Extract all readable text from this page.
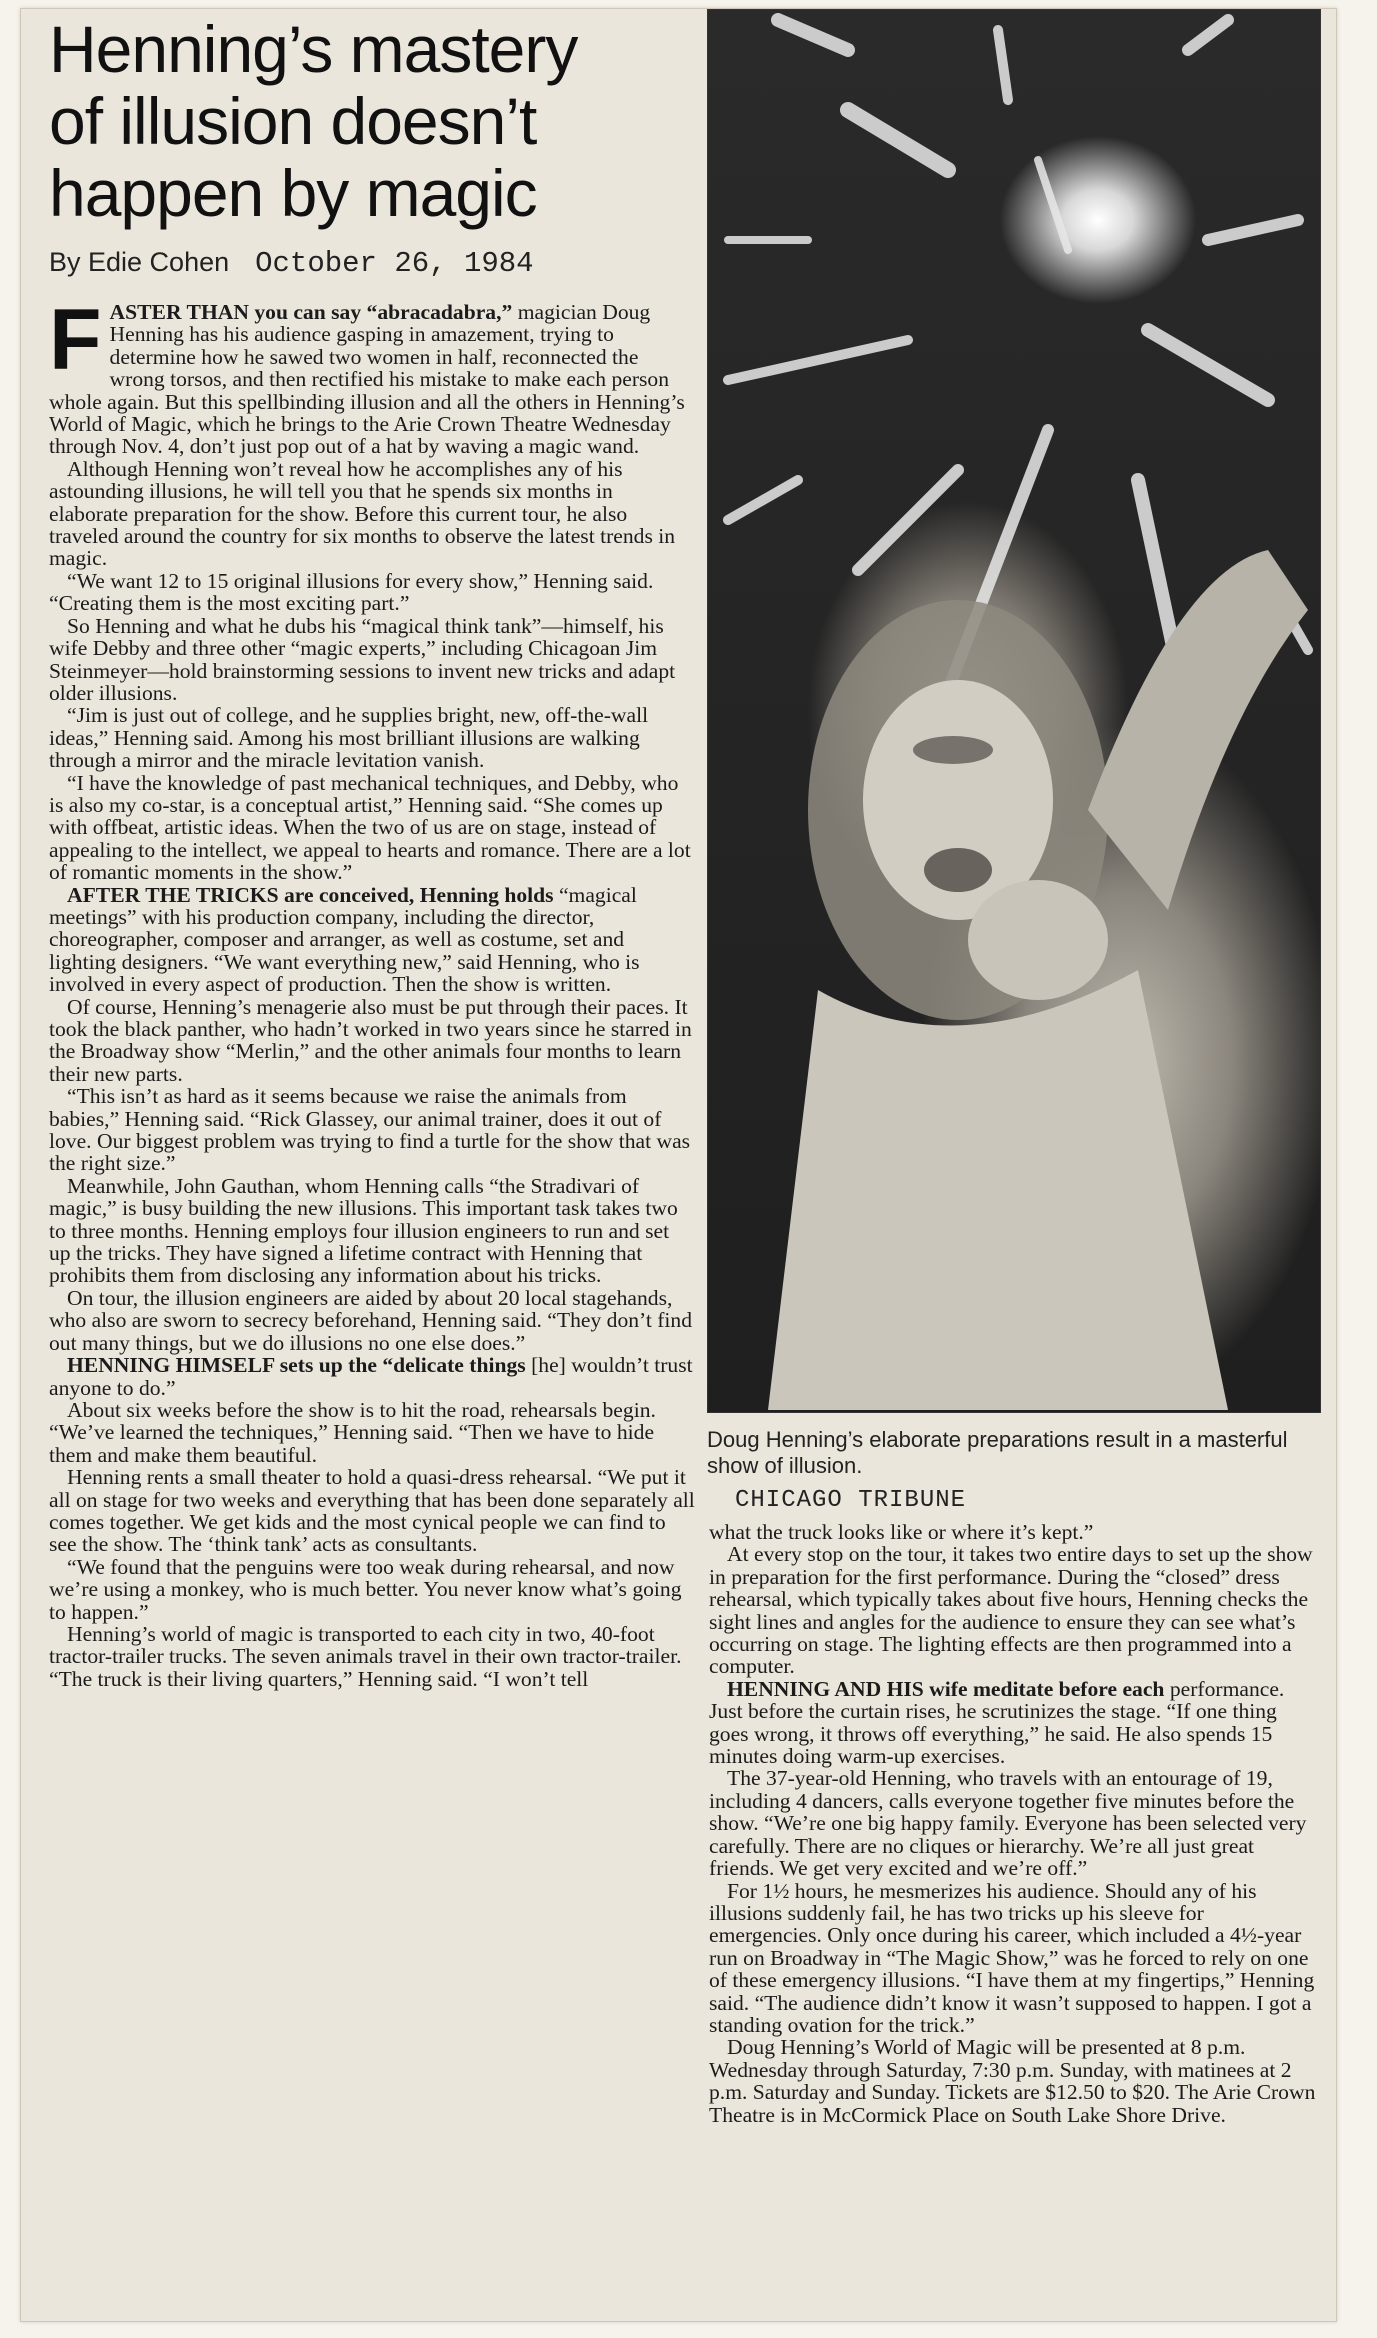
Henning’s mastery
of illusion doesn’t
happen by magic
By Edie Cohen October 26, 1984

FASTER THAN you can say “abracadabra,” magician Doug Henning has his audience gasping in amazement, trying to determine how he sawed two women in half, reconnected the wrong torsos, and then rectified his mistake to make each person whole again. But this spellbinding illusion and all the others in Henning’s World of Magic, which he brings to the Arie Crown Theatre Wednesday through Nov. 4, don’t just pop out of a hat by waving a magic wand.

Although Henning won’t reveal how he accomplishes any of his astounding illusions, he will tell you that he spends six months in elaborate preparation for the show. Before this current tour, he also traveled around the country for six months to observe the latest trends in magic.

“We want 12 to 15 original illusions for every show,” Henning said. “Creating them is the most exciting part.”

So Henning and what he dubs his “magical think tank”—himself, his wife Debby and three other “magic experts,” including Chicagoan Jim Steinmeyer—hold brainstorming sessions to invent new tricks and adapt older illusions.

“Jim is just out of college, and he supplies bright, new, off-the-wall ideas,” Henning said. Among his most brilliant illusions are walking through a mirror and the miracle levitation vanish.

“I have the knowledge of past mechanical techniques, and Debby, who is also my co-star, is a conceptual artist,” Henning said. “She comes up with offbeat, artistic ideas. When the two of us are on stage, instead of appealing to the intellect, we appeal to hearts and romance. There are a lot of romantic moments in the show.”

AFTER THE TRICKS are conceived, Henning holds “magical meetings” with his production company, including the director, choreographer, composer and arranger, as well as costume, set and lighting designers. “We want everything new,” said Henning, who is involved in every aspect of production. Then the show is written.

Of course, Henning’s menagerie also must be put through their paces. It took the black panther, who hadn’t worked in two years since he starred in the Broadway show “Merlin,” and the other animals four months to learn their new parts.

“This isn’t as hard as it seems because we raise the animals from babies,” Henning said. “Rick Glassey, our animal trainer, does it out of love. Our biggest problem was trying to find a turtle for the show that was the right size.”

Meanwhile, John Gauthan, whom Henning calls “the Stradivari of magic,” is busy building the new illusions. This important task takes two to three months. Henning employs four illusion engineers to run and set up the tricks. They have signed a lifetime contract with Henning that prohibits them from disclosing any information about his tricks.

On tour, the illusion engineers are aided by about 20 local stagehands, who also are sworn to secrecy beforehand, Henning said. “They don’t find out many things, but we do illusions no one else does.”

HENNING HIMSELF sets up the “delicate things [he] wouldn’t trust anyone to do.”

About six weeks before the show is to hit the road, rehearsals begin. “We’ve learned the techniques,” Henning said. “Then we have to hide them and make them beautiful.

Henning rents a small theater to hold a quasi-dress rehearsal. “We put it all on stage for two weeks and everything that has been done separately all comes together. We get kids and the most cynical people we can find to see the show. The ‘think tank’ acts as consultants.

“We found that the penguins were too weak during rehearsal, and now we’re using a monkey, who is much better. You never know what’s going to happen.”

Henning’s world of magic is transported to each city in two, 40-foot tractor-trailer trucks. The seven animals travel in their own tractor-trailer. “The truck is their living quarters,” Henning said. “I won’t tell

Doug Henning’s elaborate preparations result in a masterful show of illusion.
CHICAGO TRIBUNE

what the truck looks like or where it’s kept.”

At every stop on the tour, it takes two entire days to set up the show in preparation for the first performance. During the “closed” dress rehearsal, which typically takes about five hours, Henning checks the sight lines and angles for the audience to ensure they can see what’s occurring on stage. The lighting effects are then programmed into a computer.

HENNING AND HIS wife meditate before each performance. Just before the curtain rises, he scrutinizes the stage. “If one thing goes wrong, it throws off everything,” he said. He also spends 15 minutes doing warm-up exercises.

The 37-year-old Henning, who travels with an entourage of 19, including 4 dancers, calls everyone together five minutes before the show. “We’re one big happy family. Everyone has been selected very carefully. There are no cliques or hierarchy. We’re all just great friends. We get very excited and we’re off.”

For 1½ hours, he mesmerizes his audience. Should any of his illusions suddenly fail, he has two tricks up his sleeve for emergencies. Only once during his career, which included a 4½-year run on Broadway in “The Magic Show,” was he forced to rely on one of these emergency illusions. “I have them at my fingertips,” Henning said. “The audience didn’t know it wasn’t supposed to happen. I got a standing ovation for the trick.”

Doug Henning’s World of Magic will be presented at 8 p.m. Wednesday through Saturday, 7:30 p.m. Sunday, with matinees at 2 p.m. Saturday and Sunday. Tickets are $12.50 to $20. The Arie Crown Theatre is in McCormick Place on South Lake Shore Drive.
